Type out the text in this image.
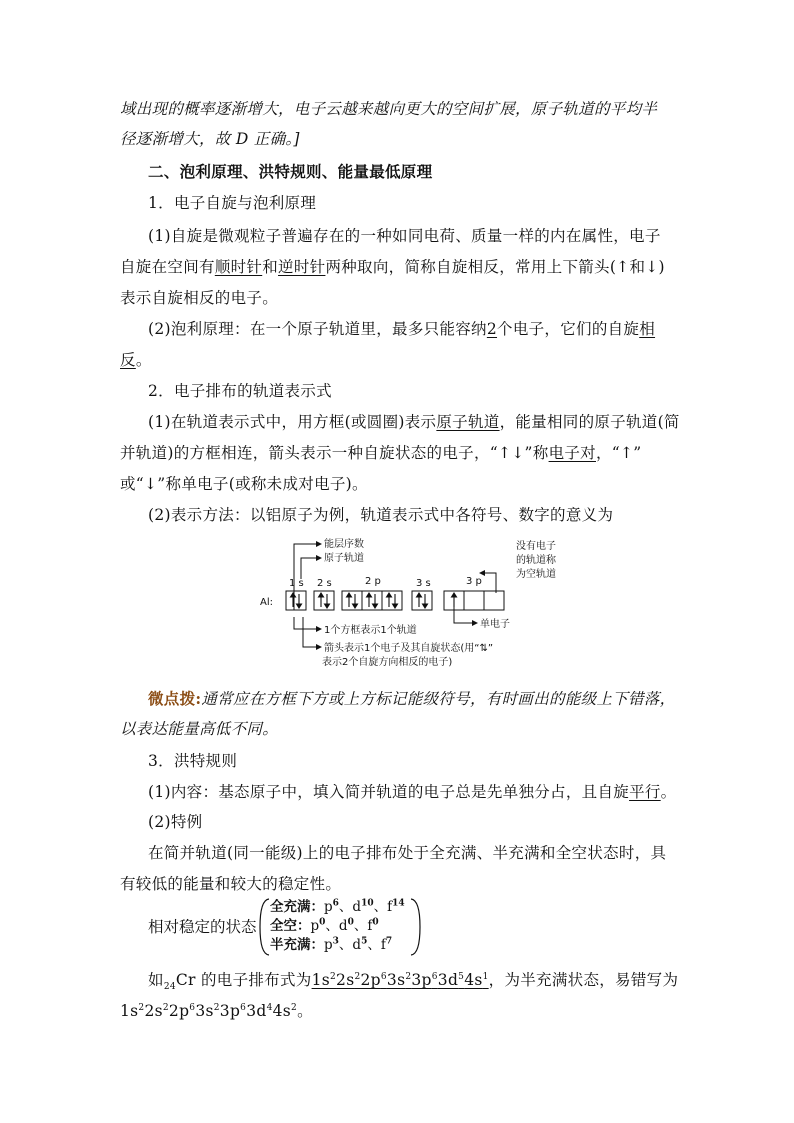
域出现的概率逐渐增大，电子云越来越向更大的空间扩展，原子轨道的平均半
径逐渐增大，故 D 正确。]
二、泡利原理、洪特规则、能量最低原理
1．电子自旋与泡利原理
(1)自旋是微观粒子普遍存在的一种如同电荷、质量一样的内在属性，电子
自旋在空间有顺时针和逆时针两种取向，简称自旋相反，常用上下箭头(↑和↓)
表示自旋相反的电子。
(2)泡利原理：在一个原子轨道里，最多只能容纳2个电子，它们的自旋相
反。
2．电子排布的轨道表示式
(1)在轨道表示式中，用方框(或圆圈)表示原子轨道，能量相同的原子轨道(简
并轨道)的方框相连，箭头表示一种自旋状态的电子，“↑↓”称电子对，“↑”
或“↓”称单电子(或称未成对电子)。
(2)表示方法：以铝原子为例，轨道表示式中各符号、数字的意义为
Al:
1 s 2 s	2 p	3 s	3 p
能层序数
原子轨道
没有电子
的轨道称
为空轨道
单电子
1个方框表示1个轨道
箭头表示1个电子及其自旋状态(用“⇅”
表示2个自旋方向相反的电子)
微点拨:通常应在方框下方或上方标记能级符号，有时画出的能级上下错落，
以表达能量高低不同。
3．洪特规则
(1)内容：基态原子中，填入简并轨道的电子总是先单独分占，且自旋平行。
(2)特例
在简并轨道(同一能级)上的电子排布处于全充满、半充满和全空状态时，具
有较低的能量和较大的稳定性。
相对稳定的状态
全充满：$p^6$、$d^{10}$、$f^{14}$
全空：$p^0$、$d^0$、$f^0$
半充满：$p^3$、$d^5$、$f^7$
如$_{24}$Cr 的电子排布式为$1s^22s^22p^63s^23p^63d^54s^1$，为半充满状态，易错写为
$1s^22s^22p^63s^23p^63d^44s^2$。
